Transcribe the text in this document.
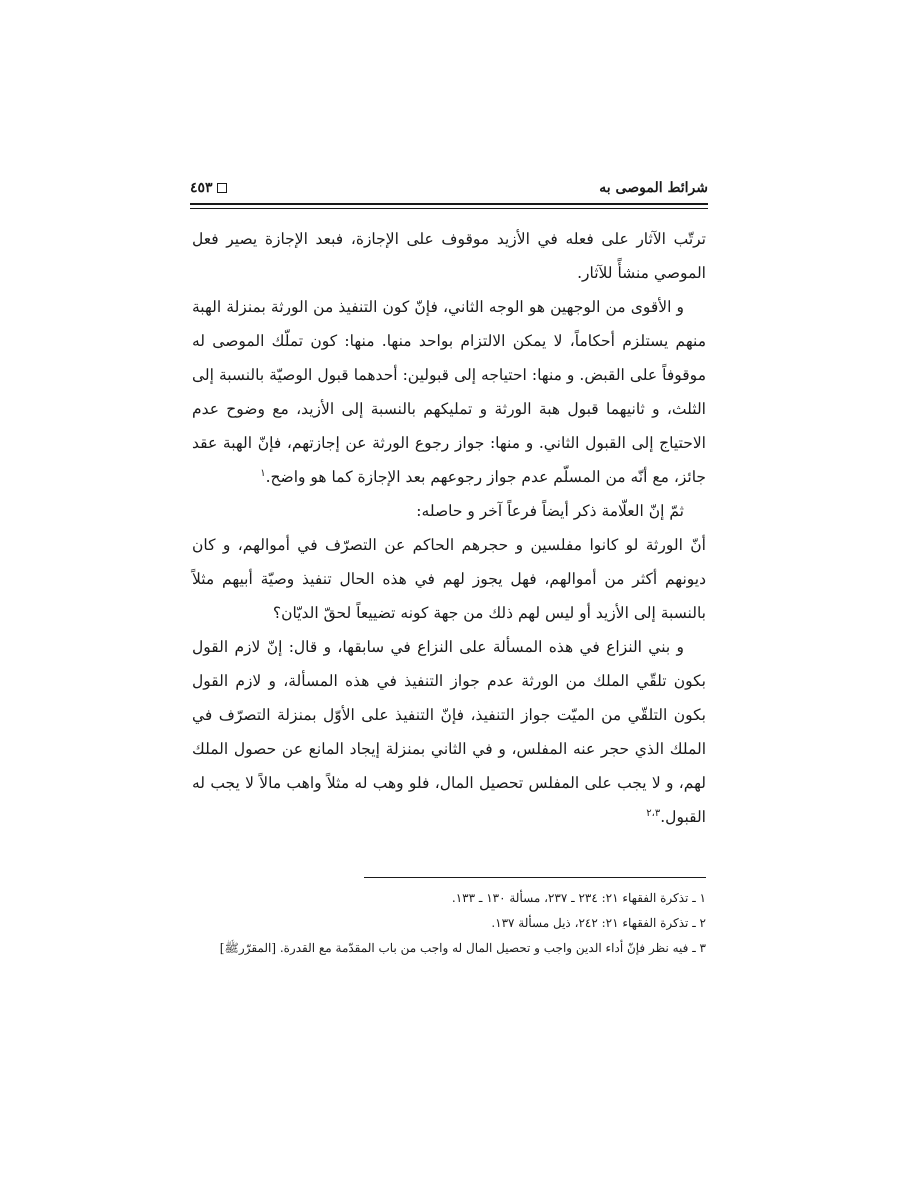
شرائط الموصى به
٤٥٣

ترتّب الآثار على فعله في الأزيد موقوف على الإجازة، فبعد الإجازة يصير فعل الموصي منشأً للآثار.

و الأقوى من الوجهين هو الوجه الثاني، فإنّ كون التنفيذ من الورثة بمنزلة الهبة منهم يستلزم أحكاماً، لا يمكن الالتزام بواحد منها. منها: كون تملّك الموصى له موقوفاً على القبض. و منها: احتياجه إلى قبولين: أحدهما قبول الوصيّة بالنسبة إلى الثلث، و ثانيهما قبول هبة الورثة و تمليكهم بالنسبة إلى الأزيد، مع وضوح عدم الاحتياج إلى القبول الثاني. و منها: جواز رجوع الورثة عن إجازتهم، فإنّ الهبة عقد جائز، مع أنّه من المسلّم عدم جواز رجوعهم بعد الإجازة كما هو واضح.$^١$

ثمّ إنّ العلّامة ذكر أيضاً فرعاً آخر و حاصله:

أنّ الورثة لو كانوا مفلسين و حجرهم الحاكم عن التصرّف في أموالهم، و كان ديونهم أكثر من أموالهم، فهل يجوز لهم في هذه الحال تنفيذ وصيّة أبيهم مثلاً بالنسبة إلى الأزيد أو ليس لهم ذلك من جهة كونه تضييعاً لحقّ الديّان؟

و بني النزاع في هذه المسألة على النزاع في سابقها، و قال: إنّ لازم القول بكون تلقّي الملك من الورثة عدم جواز التنفيذ في هذه المسألة، و لازم القول بكون التلقّي من الميّت جواز التنفيذ، فإنّ التنفيذ على الأوّل بمنزلة التصرّف في الملك الذي حجر عنه المفلس، و في الثاني بمنزلة إيجاد المانع عن حصول الملك لهم، و لا يجب على المفلس تحصيل المال، فلو وهب له مثلاً واهب مالاً لا يجب له القبول.$^{٢،٣}$

١ ـ تذكرة الفقهاء ٢١: ٢٣٤ ـ ٢٣٧، مسألة ١٣٠ ـ ١٣٣.

٢ ـ تذكرة الفقهاء ٢١: ٢٤٢، ذيل مسألة ١٣٧.

٣ ـ فيه نظر فإنّ أداء الدين واجب و تحصيل المال له واجب من باب المقدّمة مع القدرة. [المقرّرﷺ]
